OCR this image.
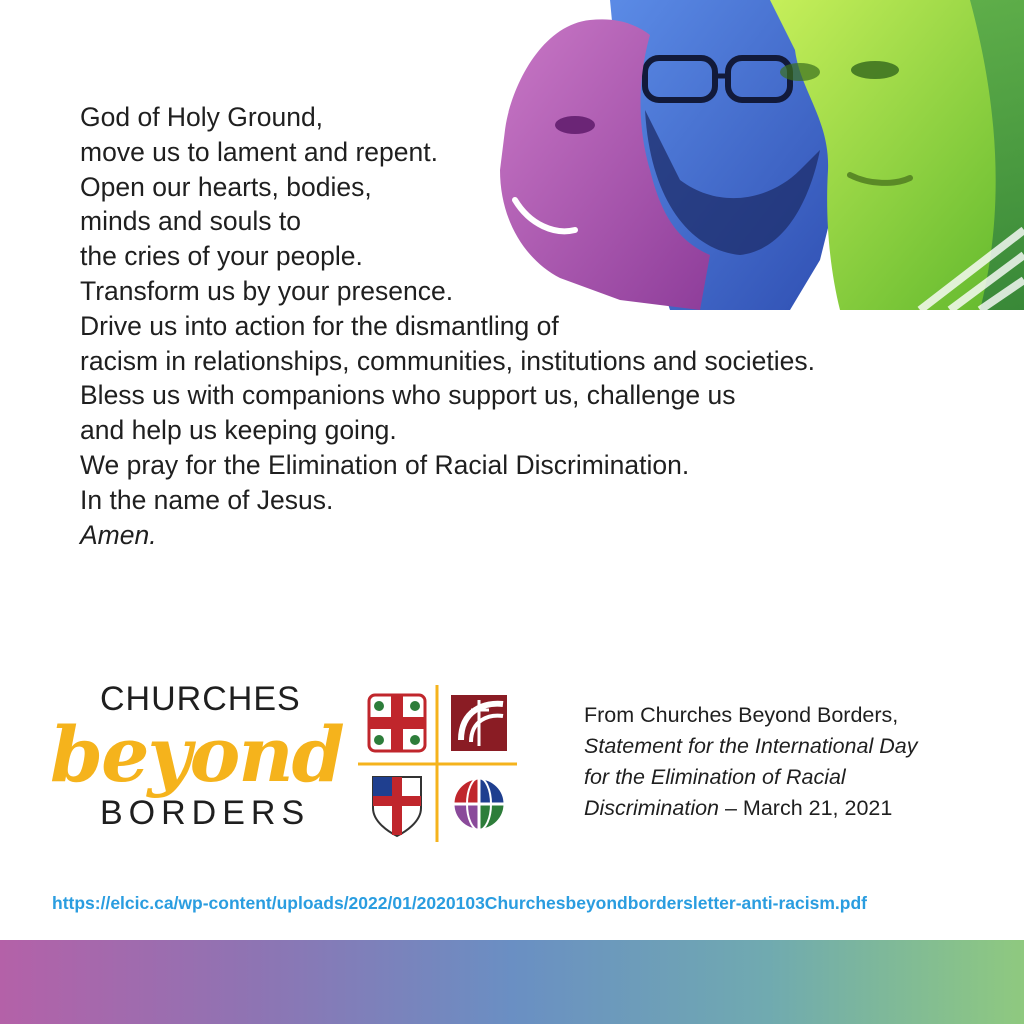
God of Holy Ground,
move us to lament and repent.
Open our hearts, bodies,
minds and souls to
the cries of your people.
Transform us by your presence.
Drive us into action for the dismantling of
racism in relationships, communities, institutions and societies.
Bless us with companions who support us, challenge us
and help us keeping going.
We pray for the Elimination of Racial Discrimination.
In the name of Jesus.
Amen.
CHURCHES
beyond
BORDERS
From Churches Beyond Borders,
Statement for the International Day
for the Elimination of Racial
Discrimination – March 21, 2021
https://elcic.ca/wp-content/uploads/2022/01/2020103Churchesbeyondbordersletter-anti-racism.pdf
